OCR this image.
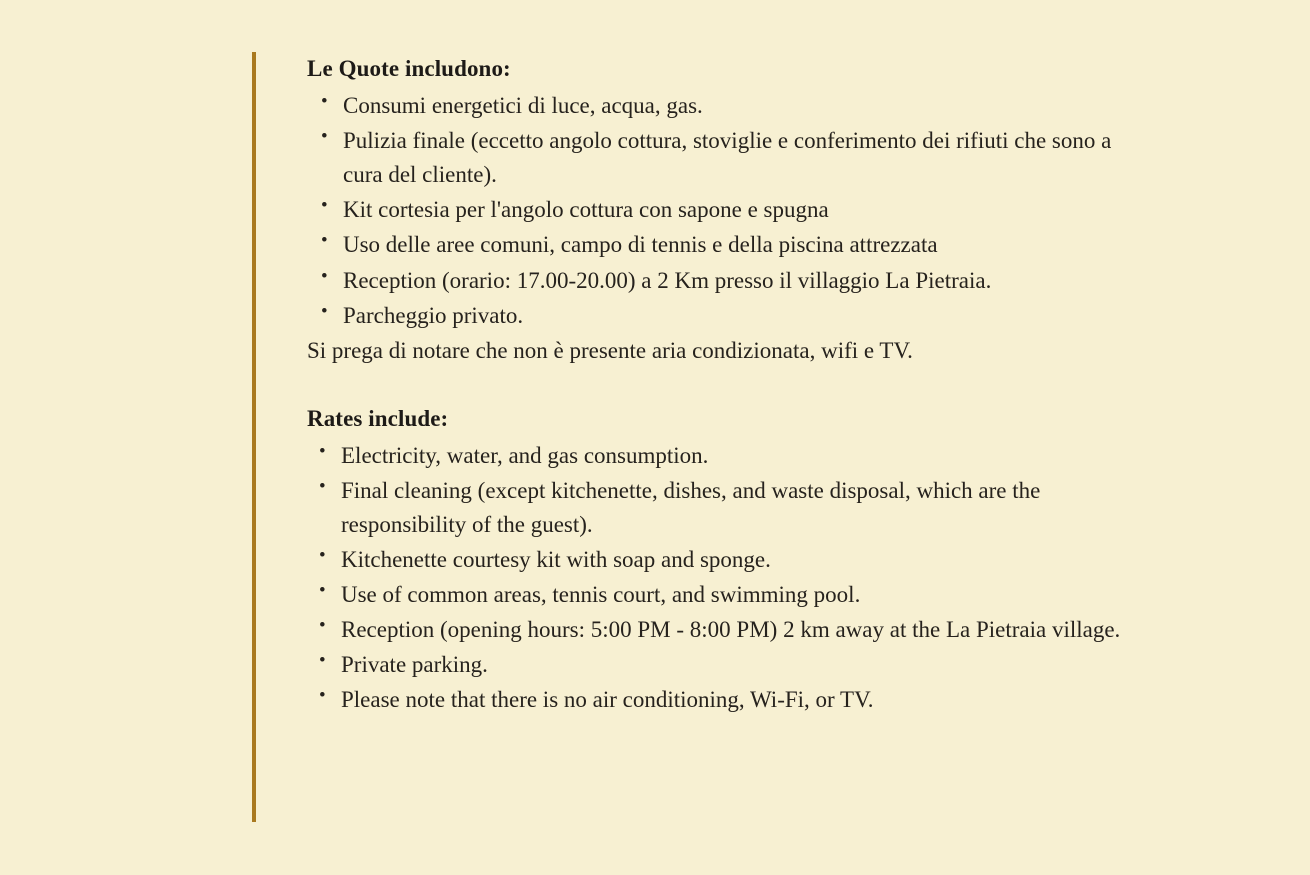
Le Quote includono:
• Consumi energetici di luce, acqua, gas.
• Pulizia finale (eccetto angolo cottura, stoviglie e conferimento dei rifiuti che sono a cura del cliente).
• Kit cortesia per l'angolo cottura con sapone e spugna
• Uso delle aree comuni, campo di tennis e della piscina attrezzata
• Reception (orario: 17.00-20.00) a 2 Km presso il villaggio La Pietraia.
• Parcheggio privato.

Si prega di notare che non è presente aria condizionata, wifi e TV.

Rates include:
• Electricity, water, and gas consumption.
• Final cleaning (except kitchenette, dishes, and waste disposal, which are the responsibility of the guest).
• Kitchenette courtesy kit with soap and sponge.
• Use of common areas, tennis court, and swimming pool.
• Reception (opening hours: 5:00 PM - 8:00 PM) 2 km away at the La Pietraia village.
• Private parking.
• Please note that there is no air conditioning, Wi-Fi, or TV.
